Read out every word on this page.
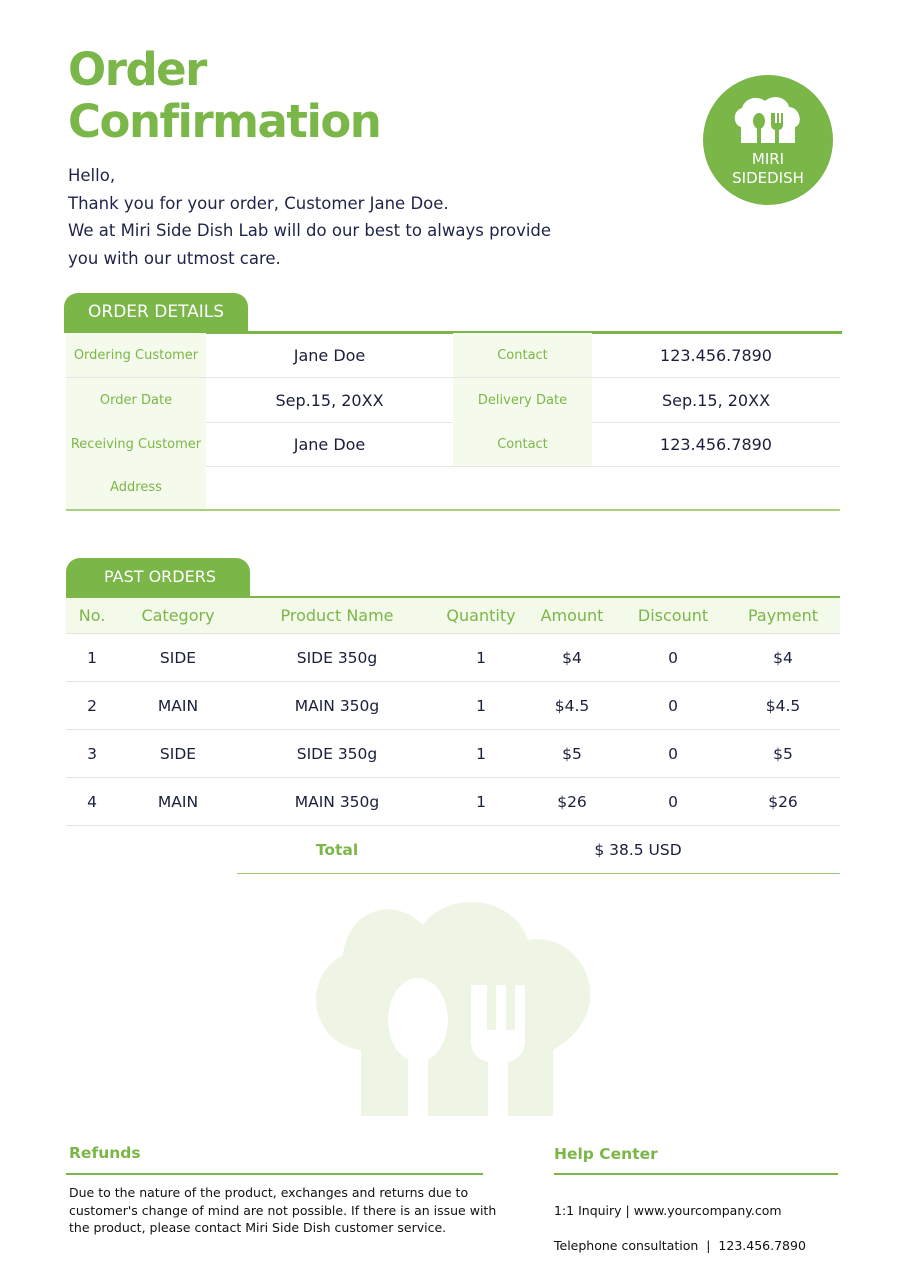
Order
Confirmation
Hello,
Thank you for your order, Customer Jane Doe.
We at Miri Side Dish Lab will do our best to always provide
you with our utmost care.
MIRI
SIDEDISH
ORDER DETAILS
Ordering Customer	Jane Doe	Contact	123.456.7890
Order Date	Sep.15, 20XX	Delivery Date	Sep.15, 20XX
Receiving Customer	Jane Doe	Contact	123.456.7890
Address
PAST ORDERS
No. Category	Product Name	Quantity Amount Discount Payment
1	SIDE	SIDE 350g	1	$4	0	$4
2	MAIN	MAIN 350g	1	$4.5	0	$4.5
3	SIDE	SIDE 350g	1	$5	0	$5
4	MAIN	MAIN 350g	1	$26	0	$26
Total	$ 38.5 USD
Refunds
Due to the nature of the product, exchanges and returns due to
customer's change of mind are not possible. If there is an issue with
the product, please contact Miri Side Dish customer service.
Help Center

1:1 Inquiry | www.yourcompany.com

Telephone consultation  |  123.456.7890
